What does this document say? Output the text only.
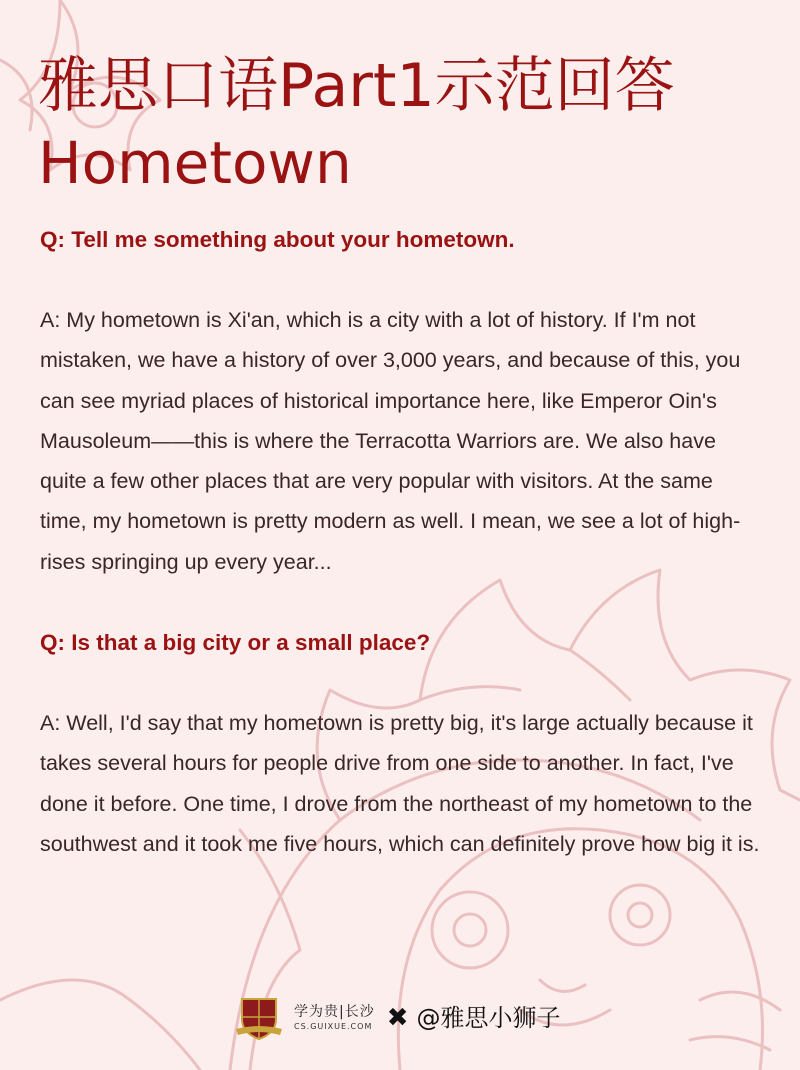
雅思口语Part1示范回答
Hometown

Q: Tell me something about your hometown.

A: My hometown is Xi'an, which is a city with a lot of history. If I'm not mistaken, we have a history of over 3,000 years, and because of this, you can see myriad places of historical importance here, like Emperor Oin's Mausoleum——this is where the Terracotta Warriors are. We also have quite a few other places that are very popular with visitors. At the same time, my hometown is pretty modern as well. I mean, we see a lot of high-rises springing up every year...

Q: Is that a big city or a small place?

A: Well, I'd say that my hometown is pretty big, it's large actually because it takes several hours for people drive from one side to another. In fact, I've done it before. One time, I drove from the northeast of my hometown to the southwest and it took me five hours, which can definitely prove how big it is.

学为贵|长沙
CS.GUIXUE.COM ✖ @雅思小狮子
